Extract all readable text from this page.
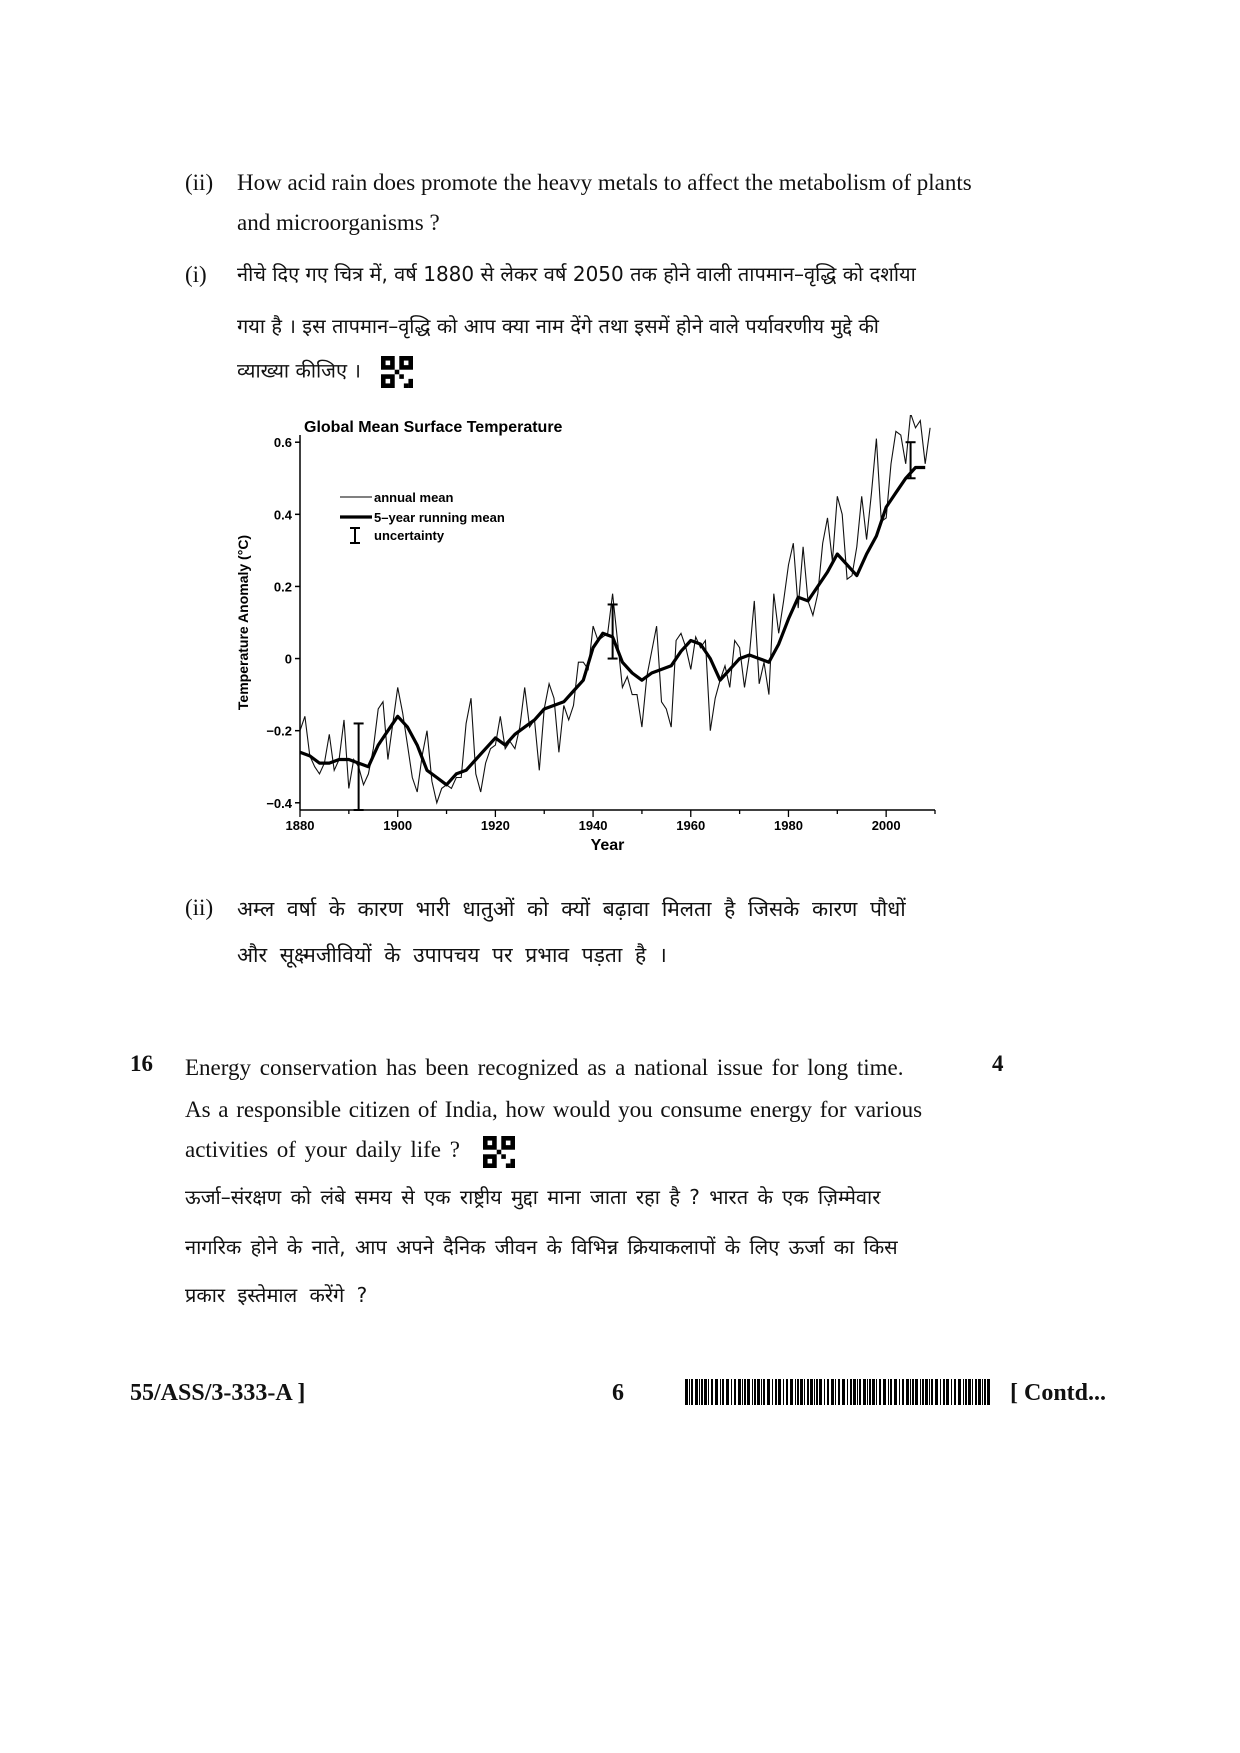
(ii) How acid rain does promote the heavy metals to affect the metabolism of plants
and microorganisms ?
(i) नीचे दिए गए चित्र में, वर्ष 1880 से लेकर वर्ष 2050 तक होने वाली तापमान–वृद्धि को दर्शाया
गया है । इस तापमान–वृद्धि को आप क्या नाम देंगे तथा इसमें होने वाले पर्यावरणीय मुद्दे की
व्याख्या कीजिए ।
0.6
0.4
0.2
0
−0.2
−0.4
1880	1900	1920	1940	1960	1980	2000
Global Mean Surface Temperature
Year
Temperature Anomaly (°C)
annual mean
5–year running mean
uncertainty
(ii) अम्ल वर्षा के कारण भारी धातुओं को क्यों बढ़ावा मिलता है जिसके कारण पौधों
और सूक्ष्मजीवियों के उपापचय पर प्रभाव पड़ता है ।
16	4
Energy conservation has been recognized as a national issue for long time.
As a responsible citizen of India, how would you consume energy for various
activities of your daily life ?
ऊर्जा–संरक्षण को लंबे समय से एक राष्ट्रीय मुद्दा माना जाता रहा है ? भारत के एक ज़िम्मेवार
नागरिक होने के नाते, आप अपने दैनिक जीवन के विभिन्न क्रियाकलापों के लिए ऊर्जा का किस
प्रकार इस्तेमाल करेंगे ?
55/ASS/3-333-A ]	6	[ Contd...
